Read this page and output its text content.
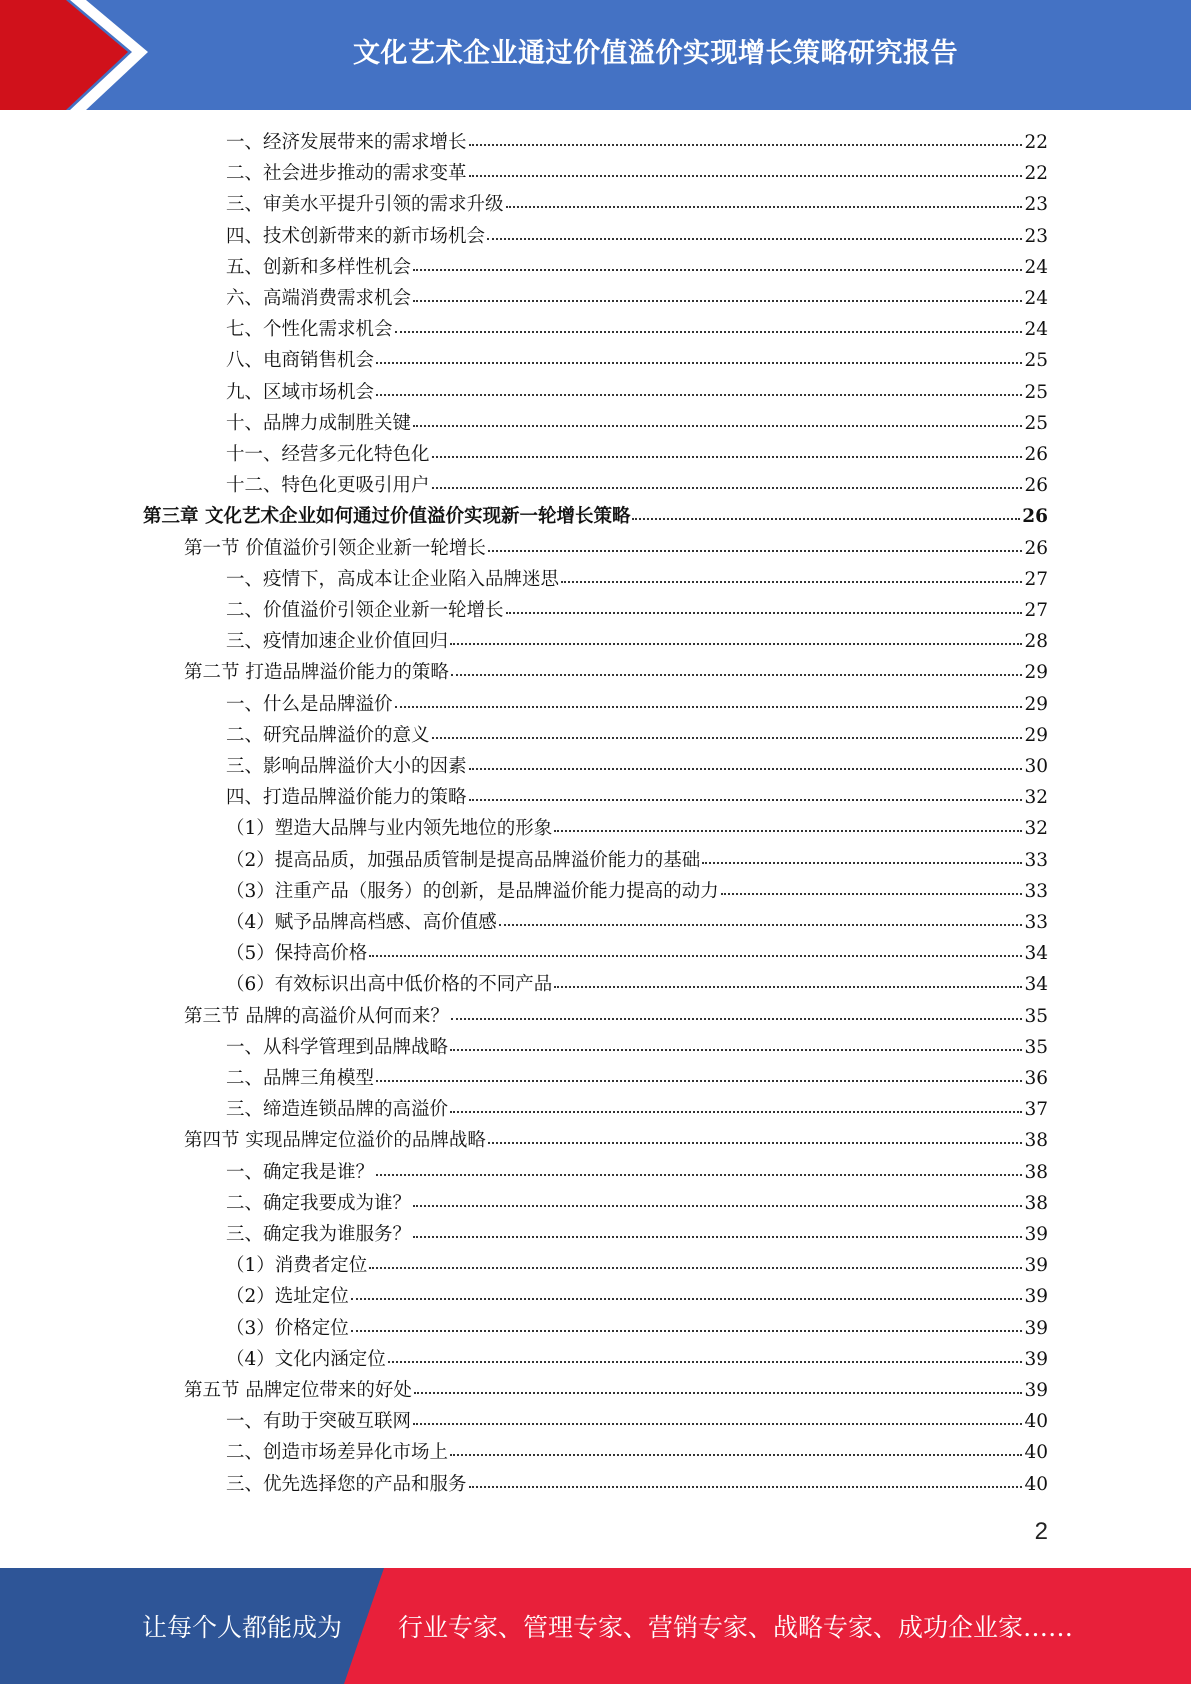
文化艺术企业通过价值溢价实现增长策略研究报告
一、经济发展带来的需求增长	22
二、社会进步推动的需求变革	22
三、审美水平提升引领的需求升级	23
四、技术创新带来的新市场机会	23
五、创新和多样性机会	24
六、高端消费需求机会	24
七、个性化需求机会	24
八、电商销售机会	25
九、区域市场机会	25
十、品牌力成制胜关键	25
十一、经营多元化特色化	26
十二、特色化更吸引用户	26
第三章 文化艺术企业如何通过价值溢价实现新一轮增长策略	26
第一节 价值溢价引领企业新一轮增长	26
一、疫情下，高成本让企业陷入品牌迷思	27
二、价值溢价引领企业新一轮增长	27
三、疫情加速企业价值回归	28
第二节 打造品牌溢价能力的策略	29
一、什么是品牌溢价	29
二、研究品牌溢价的意义	29
三、影响品牌溢价大小的因素	30
四、打造品牌溢价能力的策略	32
（1）塑造大品牌与业内领先地位的形象	32
（2）提高品质，加强品质管制是提高品牌溢价能力的基础	33
（3）注重产品（服务）的创新，是品牌溢价能力提高的动力	33
（4）赋予品牌高档感、高价值感	33
（5）保持高价格	34
（6）有效标识出高中低价格的不同产品	34
第三节 品牌的高溢价从何而来？	35
一、从科学管理到品牌战略	35
二、品牌三角模型	36
三、缔造连锁品牌的高溢价	37
第四节 实现品牌定位溢价的品牌战略	38
一、确定我是谁？	38
二、确定我要成为谁？	38
三、确定我为谁服务？	39
（1）消费者定位	39
（2）选址定位	39
（3）价格定位	39
（4）文化内涵定位	39
第五节 品牌定位带来的好处	39
一、有助于突破互联网	40
二、创造市场差异化市场上	40
三、优先选择您的产品和服务	40
2
让每个人都能成为 行业专家、管理专家、营销专家、战略专家、成功企业家……
